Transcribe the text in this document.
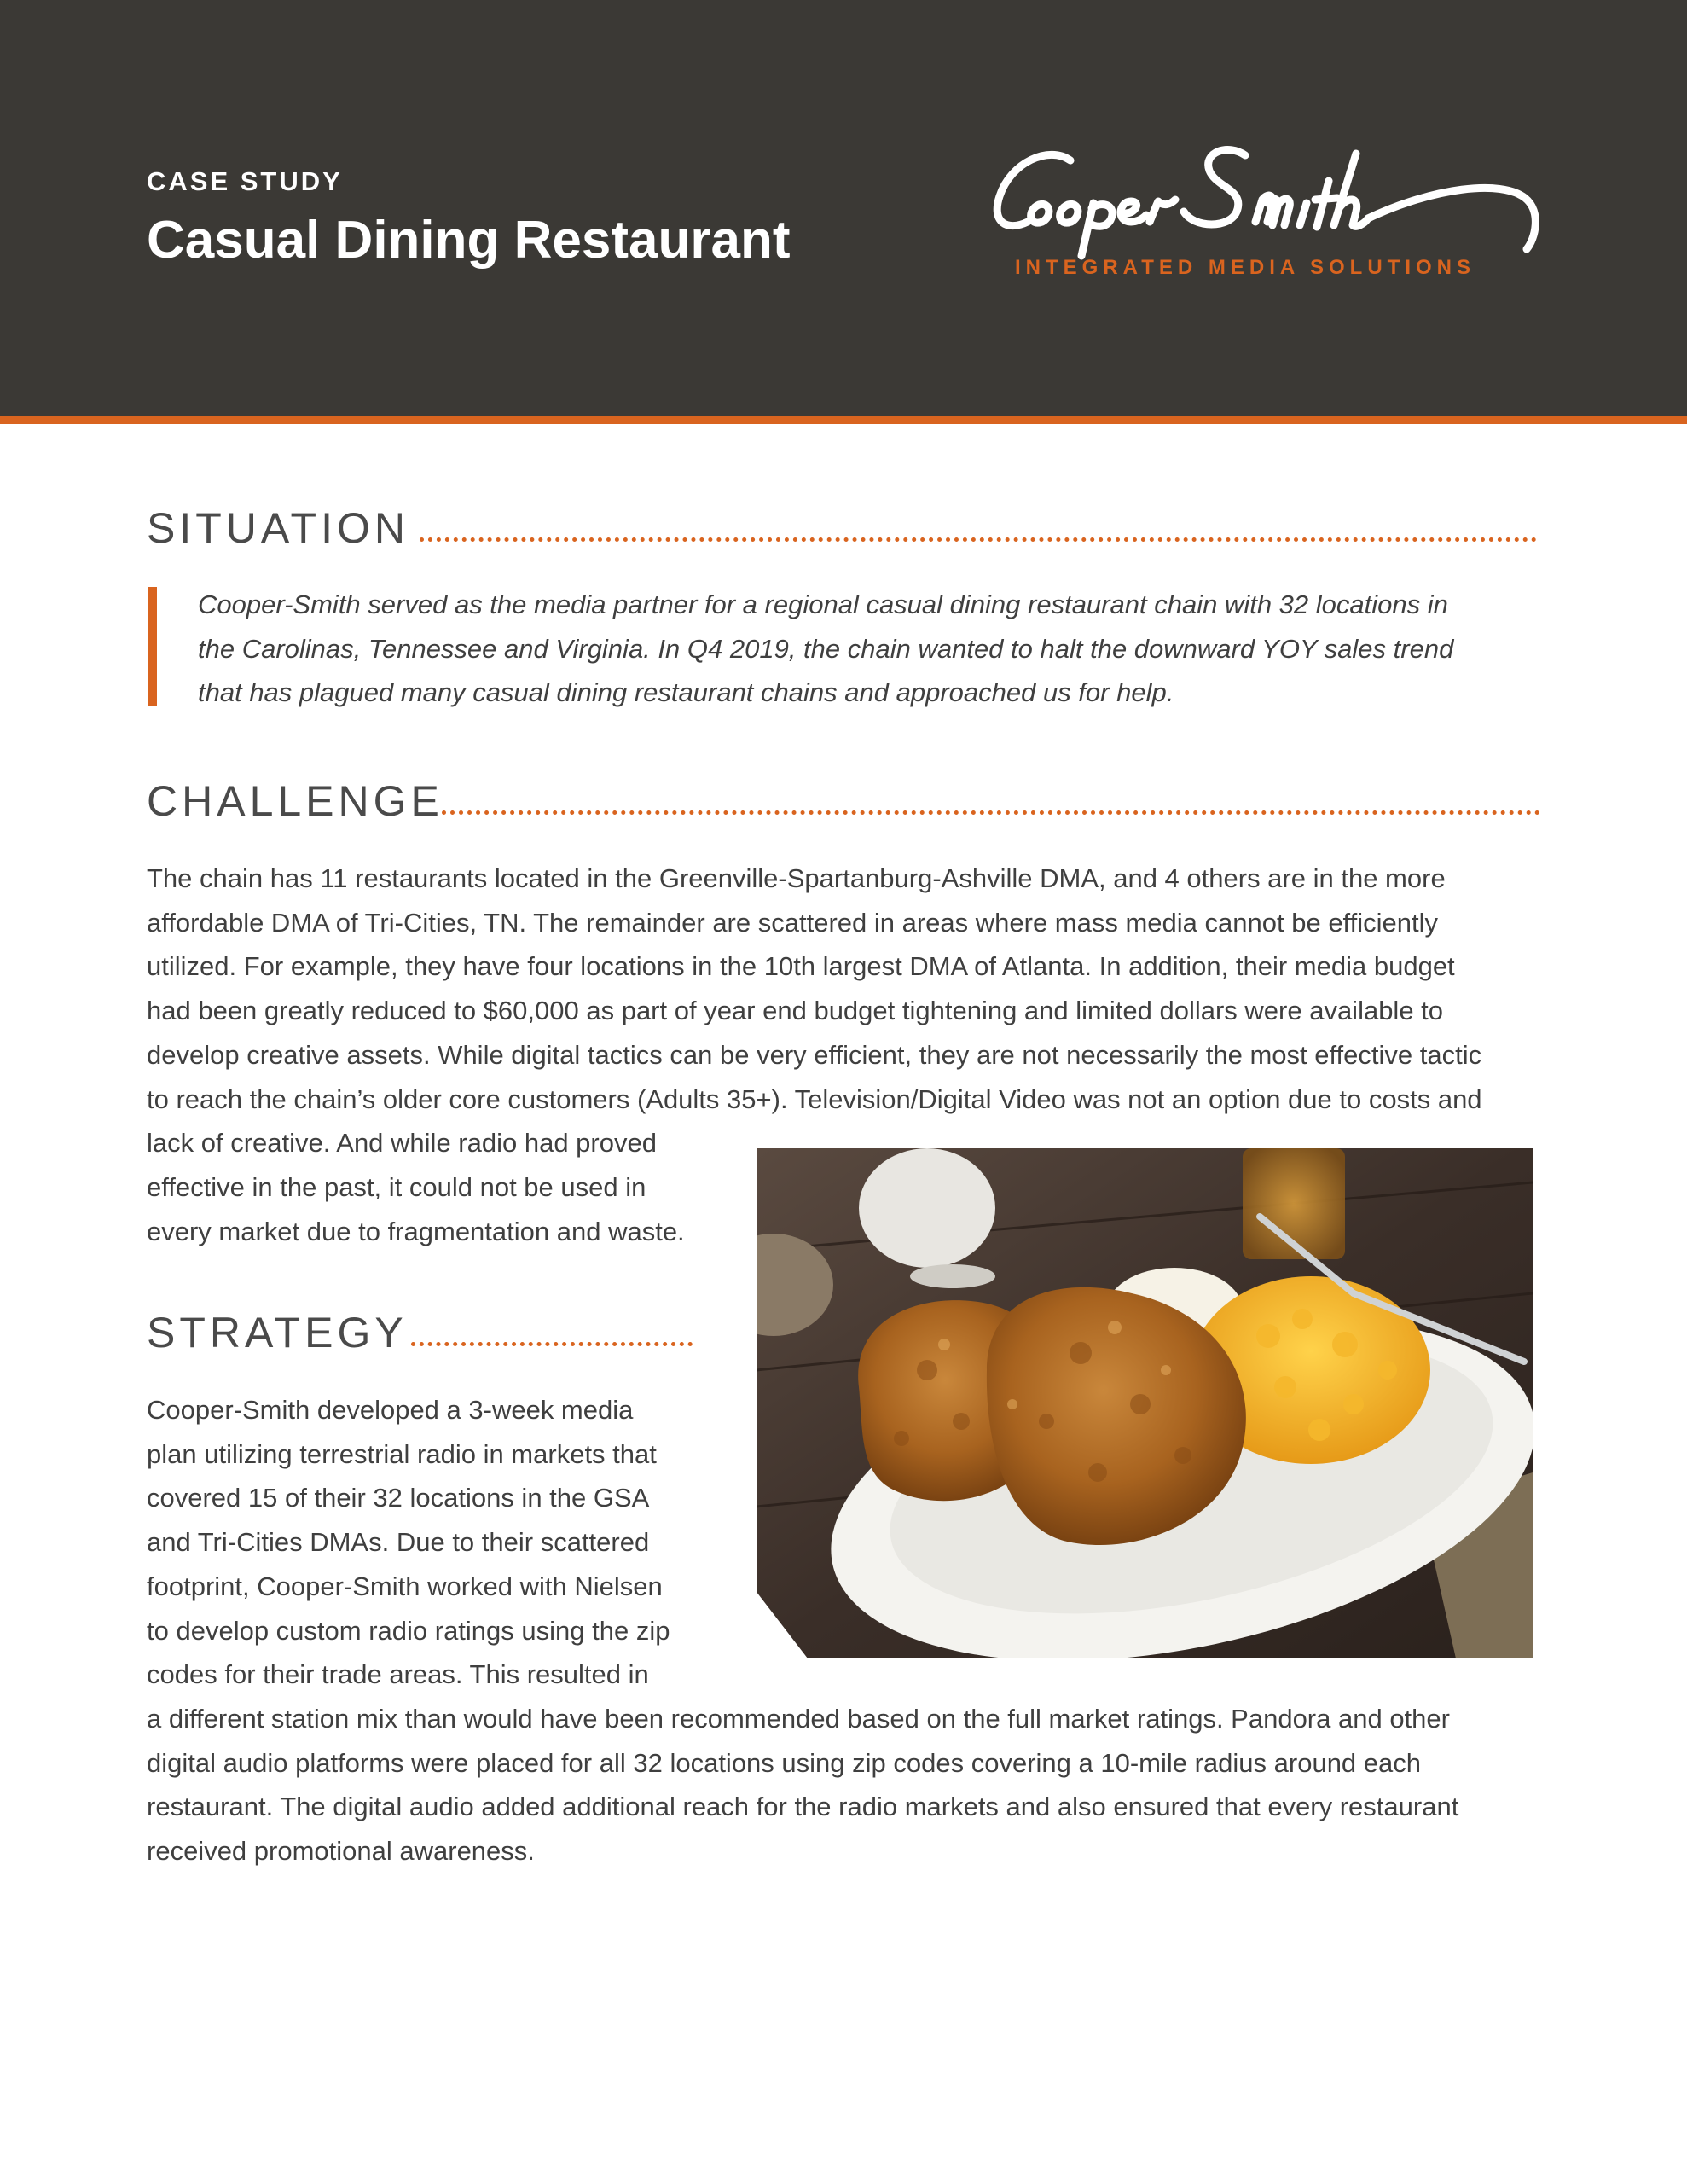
CASE STUDY
Casual Dining Restaurant	INTEGRATED MEDIA SOLUTIONS
SITUATION
Cooper-Smith served as the media partner for a regional casual dining restaurant chain with 32 locations in
the Carolinas, Tennessee and Virginia. In Q4 2019, the chain wanted to halt the downward YOY sales trend
that has plagued many casual dining restaurant chains and approached us for help.
CHALLENGE
The chain has 11 restaurants located in the Greenville-Spartanburg-Ashville DMA, and 4 others are in the more
affordable DMA of Tri-Cities, TN. The remainder are scattered in areas where mass media cannot be efficiently
utilized. For example, they have four locations in the 10th largest DMA of Atlanta. In addition, their media budget
had been greatly reduced to $60,000 as part of year end budget tightening and limited dollars were available to
develop creative assets. While digital tactics can be very efficient, they are not necessarily the most effective tactic
to reach the chain’s older core customers (Adults 35+). Television/Digital Video was not an option due to costs and
lack of creative. And while radio had proved
effective in the past, it could not be used in
every market due to fragmentation and waste.
STRATEGY
Cooper-Smith developed a 3-week media
plan utilizing terrestrial radio in markets that
covered 15 of their 32 locations in the GSA
and Tri-Cities DMAs. Due to their scattered
footprint, Cooper-Smith worked with Nielsen
to develop custom radio ratings using the zip
codes for their trade areas. This resulted in
a different station mix than would have been recommended based on the full market ratings. Pandora and other
digital audio platforms were placed for all 32 locations using zip codes covering a 10-mile radius around each
restaurant. The digital audio added additional reach for the radio markets and also ensured that every restaurant
received promotional awareness.
